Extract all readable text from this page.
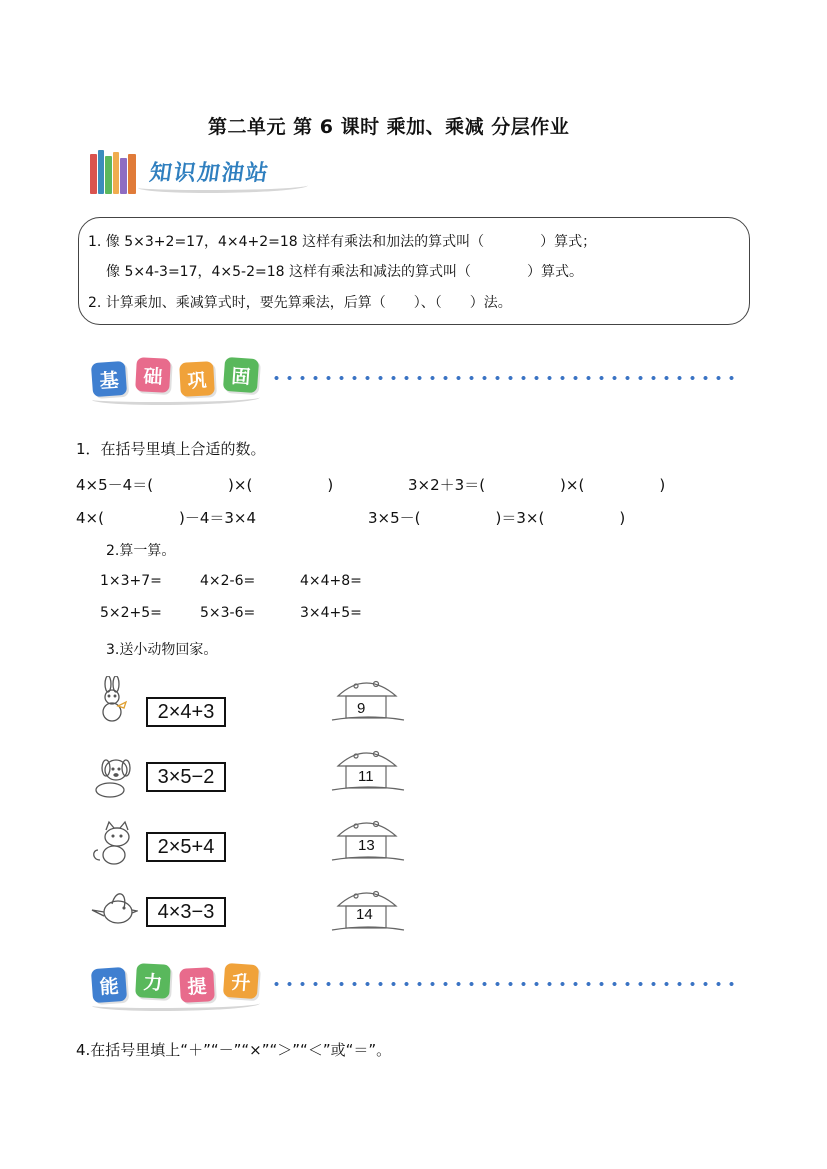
第二单元 第 6 课时 乘加、乘减 分层作业
知识加油站
1. 像 5×3+2=17，4×4+2=18 这样有乘法和加法的算式叫（　　　　）算式；
像 5×4-3=17，4×5-2=18 这样有乘法和减法的算式叫（　　　　）算式。
2. 计算乘加、乘减算式时，要先算乘法，后算（　　）、（　　）法。
基	础	巩	固
1．在括号里填上合适的数。
4×5－4＝(　　　　　)×(　　　　　)	3×2＋3＝(　　　　　)×(　　　　　)
4×(　　　　　)－4＝3×4	3×5－(　　　　　)＝3×(　　　　　)
2.算一算。
1×3+7=	4×2-6=	4×4+8=
5×2+5=	5×3-6=	3×4+5=
3.送小动物回家。
2×4+3
3×5−2
2×5+4
4×3−3
9
11
13
14
能	力	提	升
4.在括号里填上“＋”“－”“×”“＞”“＜”或“＝”。
